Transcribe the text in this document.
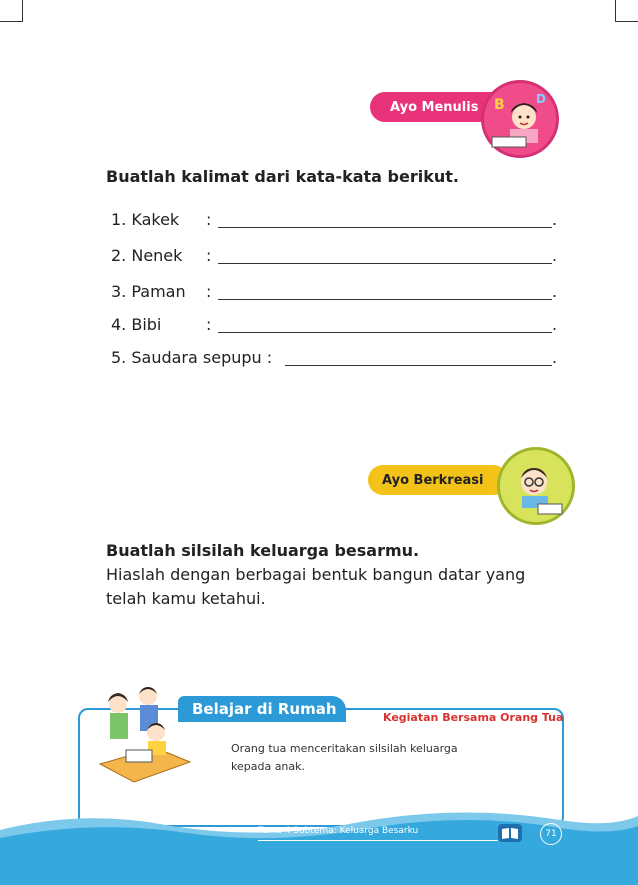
Ayo Menulis	B	D
Buatlah kalimat dari kata-kata berikut.
1. Kakek :	.
2. Nenek :	.
3. Paman :	.
4. Bibi	:	.
5. Saudara sepupu :	.
Ayo Berkreasi
Buatlah silsilah keluarga besarmu.
Hiaslah dengan berbagai bentuk bangun datar yang
telah kamu ketahui.
Belajar di Rumah	Kegiatan Bersama Orang Tua
Orang tua menceritakan silsilah keluarga
kepada anak.
Tema 4 Subtema: Keluarga Besarku	71
